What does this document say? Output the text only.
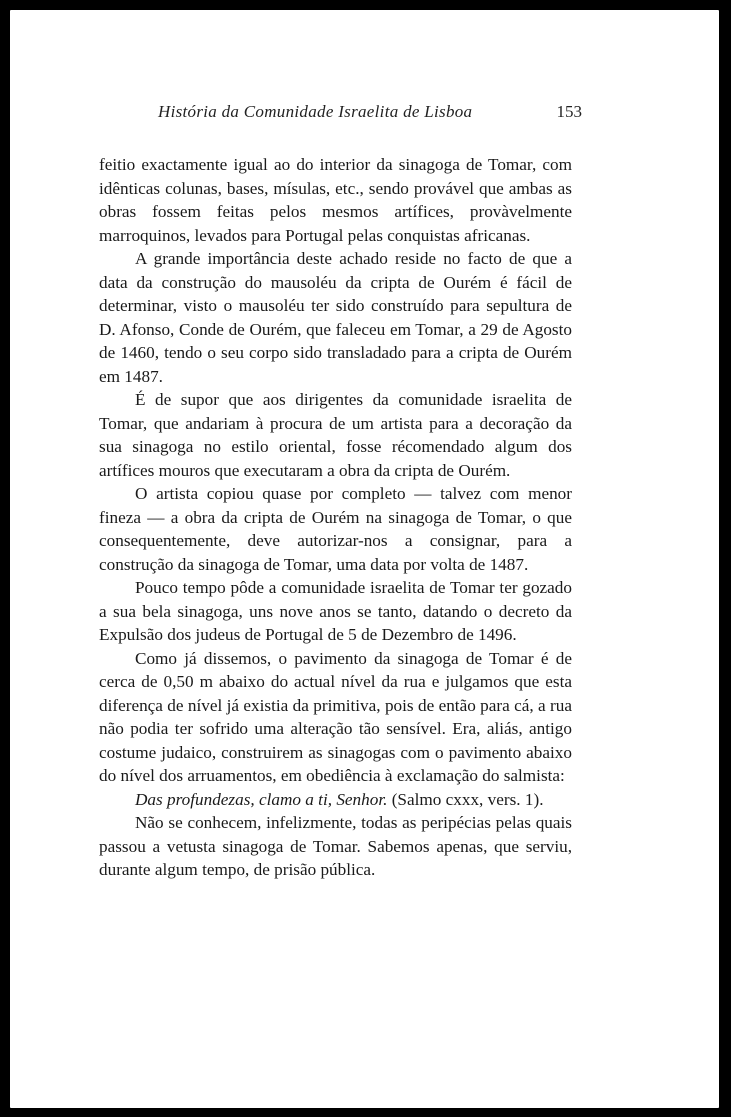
História da Comunidade Israelita de Lisboa	153

feitio exactamente igual ao do interior da sinagoga de Tomar, com idênticas colunas, bases, mísulas, etc., sendo provável que ambas as obras fossem feitas pelos mesmos artífices, provàvelmente marroquinos, levados para Portugal pelas conquistas africanas.

A grande importância deste achado reside no facto de que a data da construção do mausoléu da cripta de Ourém é fácil de determinar, visto o mausoléu ter sido construído para sepultura de D. Afonso, Conde de Ourém, que faleceu em Tomar, a 29 de Agosto de 1460, tendo o seu corpo sido transladado para a cripta de Ourém em 1487.

É de supor que aos dirigentes da comunidade israelita de Tomar, que andariam à procura de um artista para a decoração da sua sinagoga no estilo oriental, fosse récomendado algum dos artífices mouros que executaram a obra da cripta de Ourém.

O artista copiou quase por completo — talvez com menor fineza — a obra da cripta de Ourém na sinagoga de Tomar, o que consequentemente, deve autorizar-nos a consignar, para a construção da sinagoga de Tomar, uma data por volta de 1487.

Pouco tempo pôde a comunidade israelita de Tomar ter gozado a sua bela sinagoga, uns nove anos se tanto, datando o decreto da Expulsão dos judeus de Portugal de 5 de Dezembro de 1496.

Como já dissemos, o pavimento da sinagoga de Tomar é de cerca de 0,50 m abaixo do actual nível da rua e julgamos que esta diferença de nível já existia da primitiva, pois de então para cá, a rua não podia ter sofrido uma alteração tão sensível. Era, aliás, antigo costume judaico, construirem as sinagogas com o pavimento abaixo do nível dos arruamentos, em obediência à exclamação do salmista:

Das profundezas, clamo a ti, Senhor. (Salmo cxxx, vers. 1).

Não se conhecem, infelizmente, todas as peripécias pelas quais passou a vetusta sinagoga de Tomar. Sabemos apenas, que serviu, durante algum tempo, de prisão pública.
